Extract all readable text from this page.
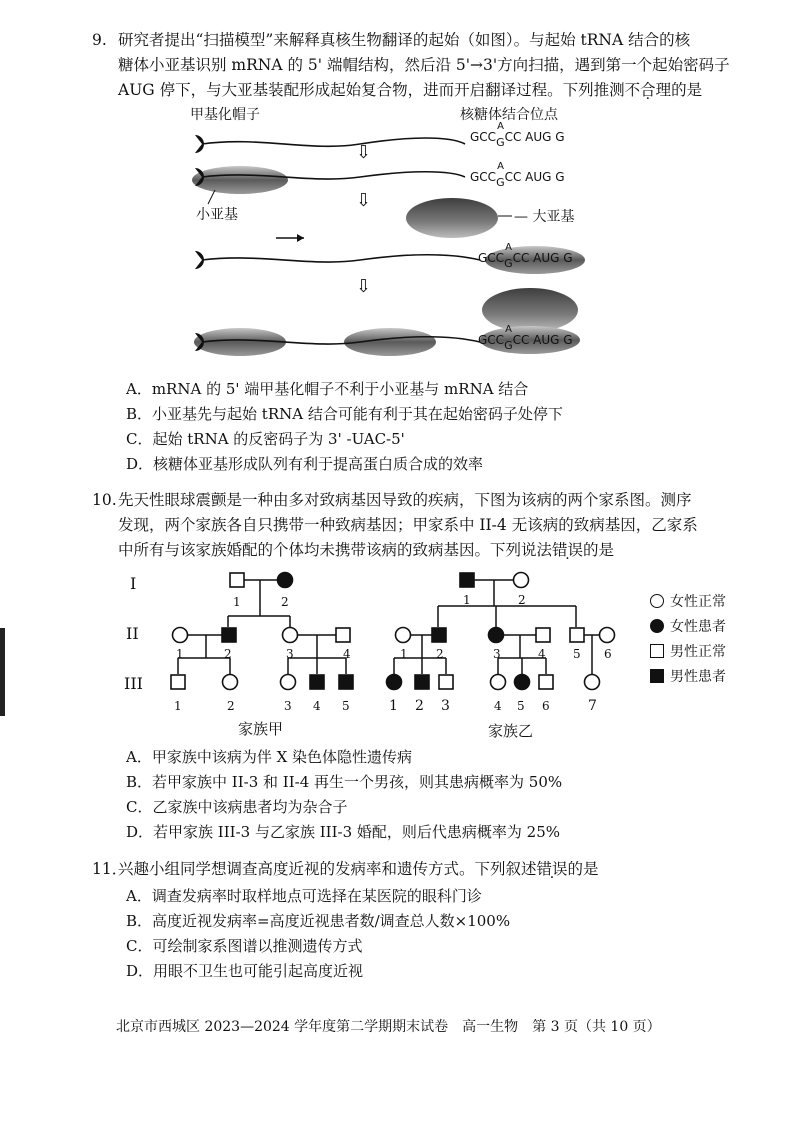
9. 研究者提出“扫描模型”来解释真核生物翻译的起始（如图）。与起始 tRNA 结合的核
糖体小亚基识别 mRNA 的 5' 端帽结构，然后沿 5'→3'方向扫描，遇到第一个起始密码子
AUG 停下，与大亚基装配形成起始复合物，进而开启翻译过程。下列推测不合理的是
甲基化帽子	核糖体结合位点
⇩
⇩
⇩
GCC
A
GCC AUG G
GCC
A
GCC AUG G
GCC
A
GCC AUG G
GCC
A
GCC AUG G
小亚基	— 大亚基
A．mRNA 的 5' 端甲基化帽子不利于小亚基与 mRNA 结合
B．小亚基先与起始 tRNA 结合可能有利于其在起始密码子处停下
C．起始 tRNA 的反密码子为 3' -UAC-5'
D．核糖体亚基形成队列有利于提高蛋白质合成的效率
10. 先天性眼球震颤是一种由多对致病基因导致的疾病，下图为该病的两个家系图。测序
发现，两个家族各自只携带一种致病基因；甲家系中 II-4 无该病的致病基因，乙家系
中所有与该家族婚配的个体均未携带该病的致病基因。下列说法错误的是
I
II
III
1	2
1	2	3	4
1	2	3 4 5
1	2
1 2	3	4 5 6
1 2 3	4 5 6	7
家族甲	家族乙
女性正常
女性患者
男性正常
男性患者
A．甲家族中该病为伴 X 染色体隐性遗传病
B．若甲家族中 II-3 和 II-4 再生一个男孩，则其患病概率为 50%
C．乙家族中该病患者均为杂合子
D．若甲家族 III-3 与乙家族 III-3 婚配，则后代患病概率为 25%
11．
兴趣小组同学想调查高度近视的发病率和遗传方式。下列叙述错误的是
A．调查发病率时取样地点可选择在某医院的眼科门诊
B．高度近视发病率=高度近视患者数/调查总人数×100%
C．可绘制家系图谱以推测遗传方式
D．用眼不卫生也可能引起高度近视
北京市西城区 2023—2024 学年度第二学期期末试卷　高一生物　第 3 页（共 10 页）
